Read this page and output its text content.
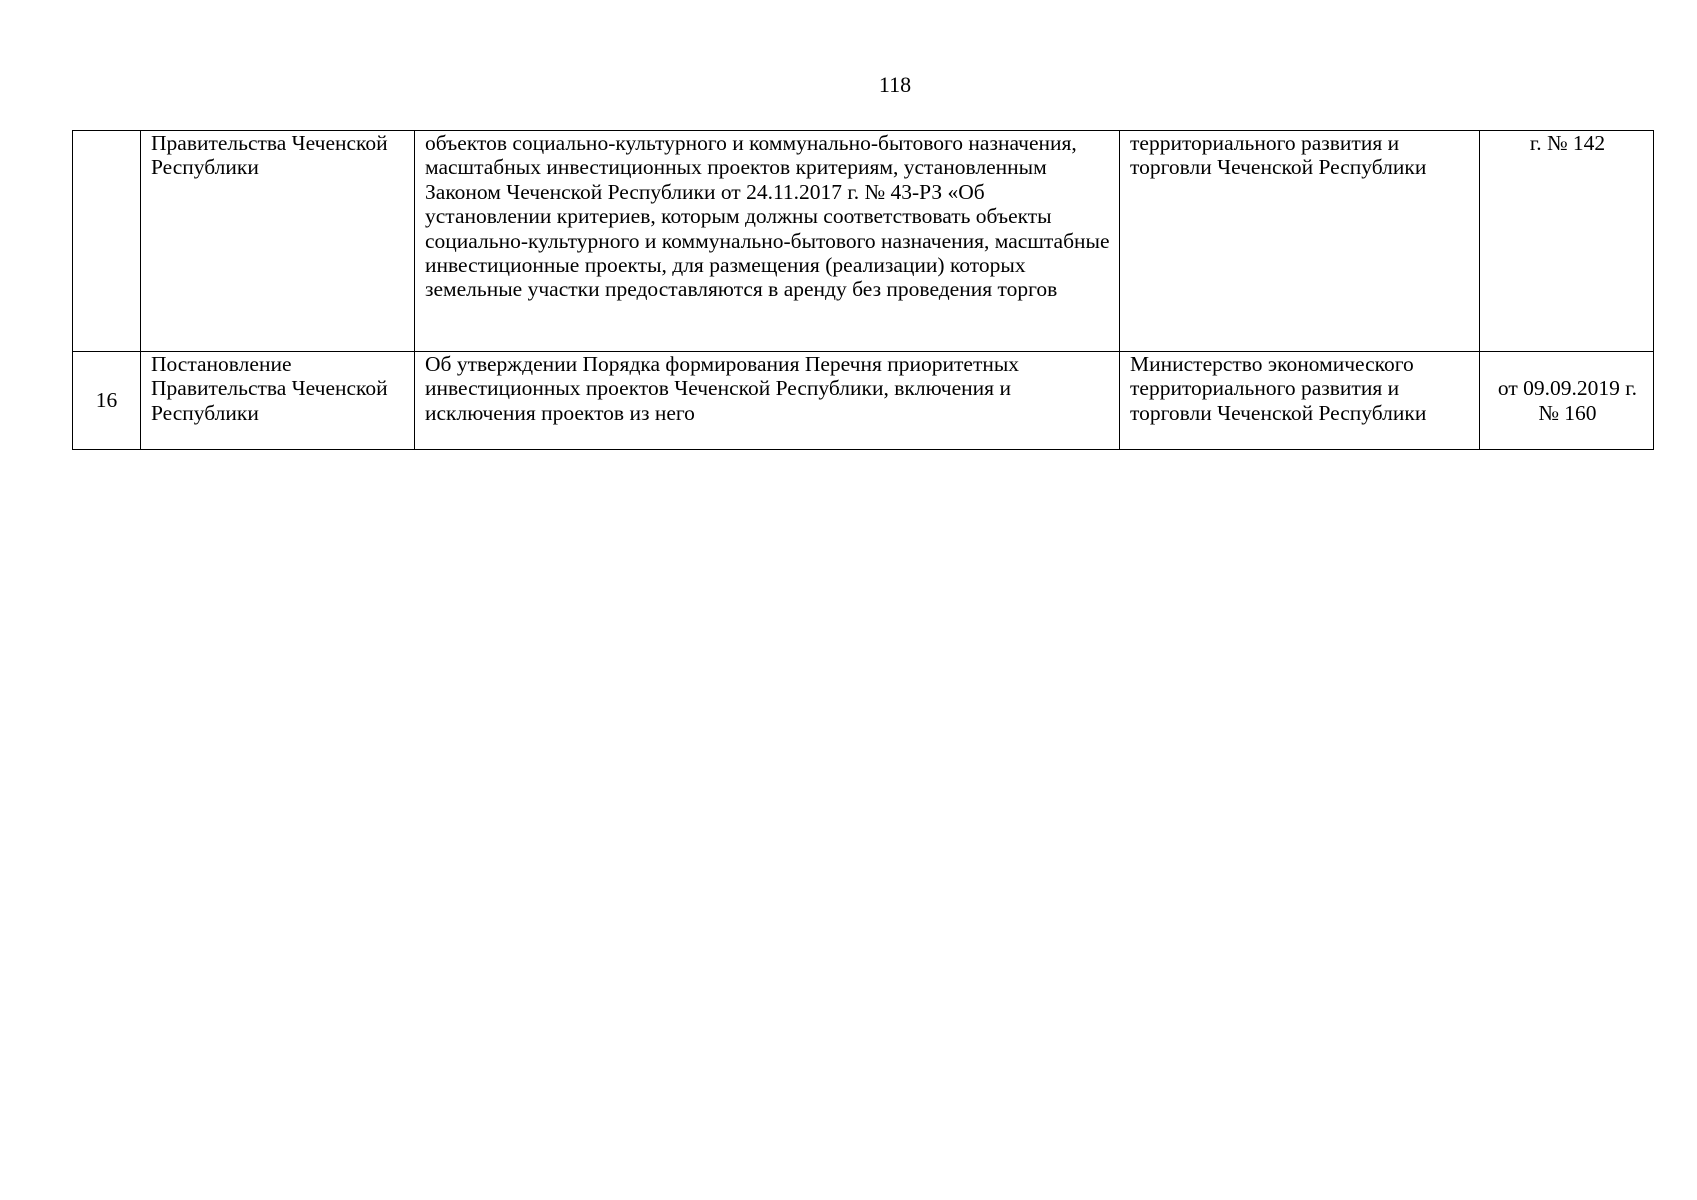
118
	Правительства Чеченской Республики	объектов социально-культурного и коммунально-бытового назначения, масштабных инвестиционных проектов критериям, установленным Законом Чеченской Республики от 24.11.2017 г. № 43-РЗ «Об установлении критериев, которым должны соответствовать объекты социально-культурного и коммунально-бытового назначения, масштабные инвестиционные проекты, для размещения (реализации) которых земельные участки предоставляются в аренду без проведения торгов	территориального развития и торговли Чеченской Республики	г. № 142
16	Постановление Правительства Чеченской Республики	Об утверждении Порядка формирования Перечня приоритетных инвестиционных проектов Чеченской Республики, включения и исключения проектов из него	Министерство экономического территориального развития и торговли Чеченской Республики	от 09.09.2019 г. № 160
